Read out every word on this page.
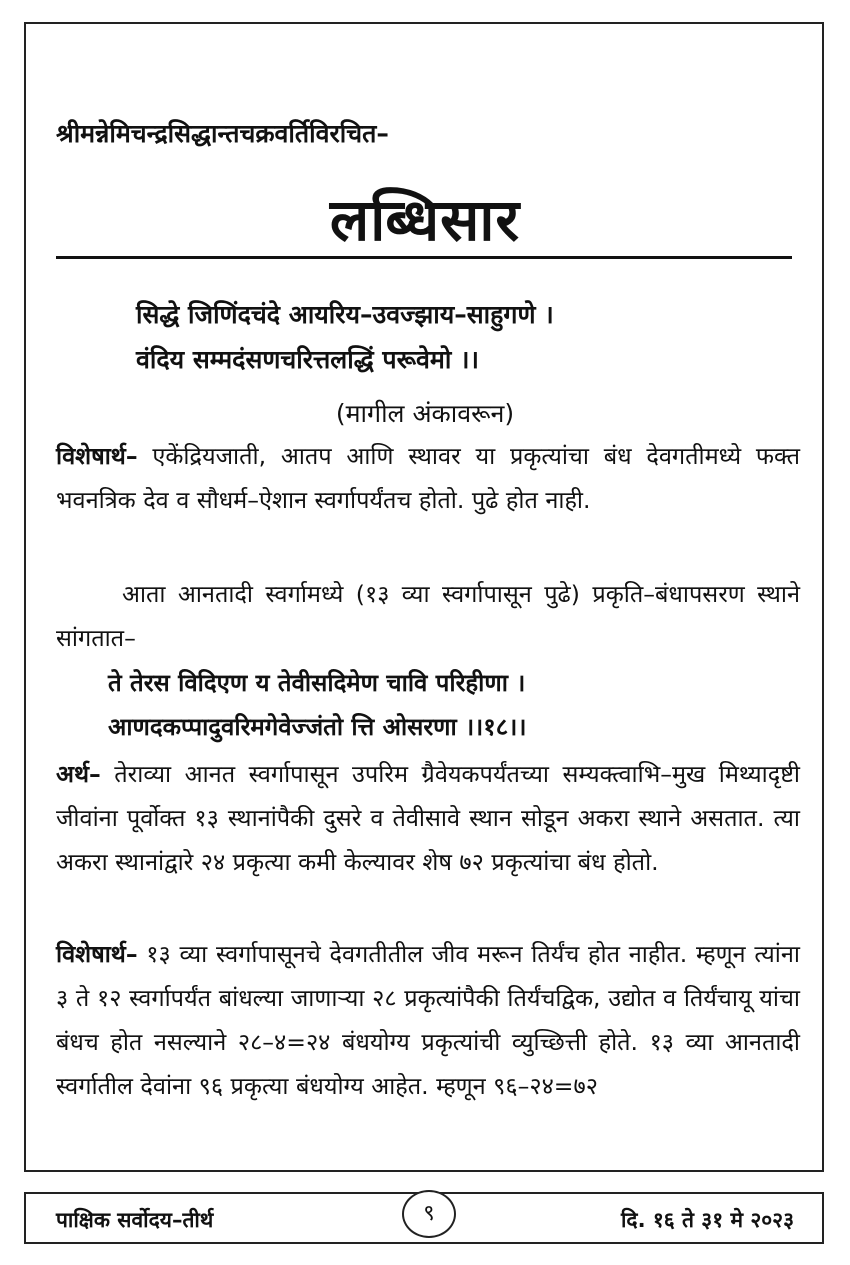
श्रीमन्नेमिचन्द्रसिद्धान्तचक्रवर्तिविरचित–
लब्धिसार
सिद्धे जिणिंदचंदे आयरिय–उवज्झाय–साहुगणे ।
वंदिय सम्मदंसणचरित्तलद्धिं परूवेमो ।।
(मागील अंकावरून)
विशेषार्थ– एकेंद्रियजाती, आतप आणि स्थावर या प्रकृत्यांचा बंध देवगतीमध्ये फक्त भवनत्रिक देव व सौधर्म–ऐशान स्वर्गापर्यंतच होतो. पुढे होत नाही.
आता आनतादी स्वर्गामध्ये (१३ व्या स्वर्गापासून पुढे) प्रकृति–बंधापसरण स्थाने सांगतात–
ते तेरस विदिएण य तेवीसदिमेण चावि परिहीणा ।
आणदकप्पादुवरिमगेवेज्जंतो त्ति ओसरणा ।।१८।।
अर्थ– तेराव्या आनत स्वर्गापासून उपरिम ग्रैवेयकपर्यंतच्या सम्यक्त्वाभि–मुख मिथ्यादृष्टी जीवांना पूर्वोक्त १३ स्थानांपैकी दुसरे व तेवीसावे स्थान सोडून अकरा स्थाने असतात. त्या अकरा स्थानांद्वारे २४ प्रकृत्या कमी केल्यावर शेष ७२ प्रकृत्यांचा बंध होतो.
विशेषार्थ– १३ व्या स्वर्गापासूनचे देवगतीतील जीव मरून तिर्यंच होत नाहीत. म्हणून त्यांना ३ ते १२ स्वर्गापर्यंत बांधल्या जाणाऱ्या २८ प्रकृत्यांपैकी तिर्यंचद्विक, उद्योत व तिर्यंचायू यांचा बंधच होत नसल्याने २८–४=२४ बंधयोग्य प्रकृत्यांची व्युच्छित्ती होते. १३ व्या आनतादी स्वर्गातील देवांना ९६ प्रकृत्या बंधयोग्य आहेत. म्हणून ९६–२४=७२
पाक्षिक सर्वोदय–तीर्थ	९	दि. १६ ते ३१ मे २०२३
